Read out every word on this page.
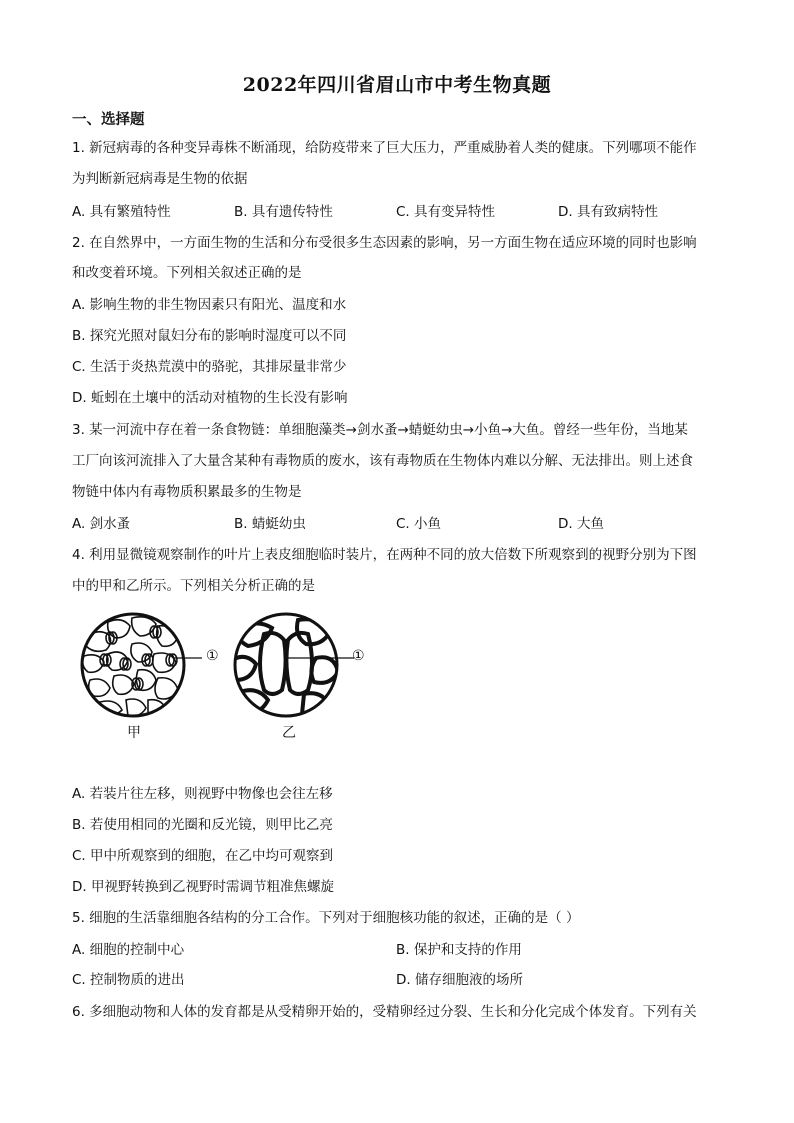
2022年四川省眉山市中考生物真题
一、选择题
1. 新冠病毒的各种变异毒株不断涌现，给防疫带来了巨大压力，严重威胁着人类的健康。下列哪项不能作
为判断新冠病毒是生物的依据
A. 具有繁殖特性	B. 具有遗传特性	C. 具有变异特性	D. 具有致病特性
2. 在自然界中，一方面生物的生活和分布受很多生态因素的影响，另一方面生物在适应环境的同时也影响
和改变着环境。下列相关叙述正确的是
A. 影响生物的非生物因素只有阳光、温度和水
B. 探究光照对鼠妇分布的影响时湿度可以不同
C. 生活于炎热荒漠中的骆驼，其排尿量非常少
D. 蚯蚓在土壤中的活动对植物的生长没有影响
3. 某一河流中存在着一条食物链：单细胞藻类→剑水蚤→蜻蜓幼虫→小鱼→大鱼。曾经一些年份，当地某
工厂向该河流排入了大量含某种有毒物质的废水，该有毒物质在生物体内难以分解、无法排出。则上述食
物链中体内有毒物质积累最多的生物是
A. 剑水蚤	B. 蜻蜓幼虫	C. 小鱼	D. 大鱼
4. 利用显微镜观察制作的叶片上表皮细胞临时装片，在两种不同的放大倍数下所观察到的视野分别为下图
中的甲和乙所示。下列相关分析正确的是
①
甲
①
乙
A. 若装片往左移，则视野中物像也会往左移
B. 若使用相同的光圈和反光镜，则甲比乙亮
C. 甲中所观察到的细胞，在乙中均可观察到
D. 甲视野转换到乙视野时需调节粗准焦螺旋
5. 细胞的生活靠细胞各结构的分工合作。下列对于细胞核功能的叙述，正确的是（ ）
A. 细胞的控制中心	B. 保护和支持的作用
C. 控制物质的进出	D. 储存细胞液的场所
6. 多细胞动物和人体的发育都是从受精卵开始的，受精卵经过分裂、生长和分化完成个体发育。下列有关
